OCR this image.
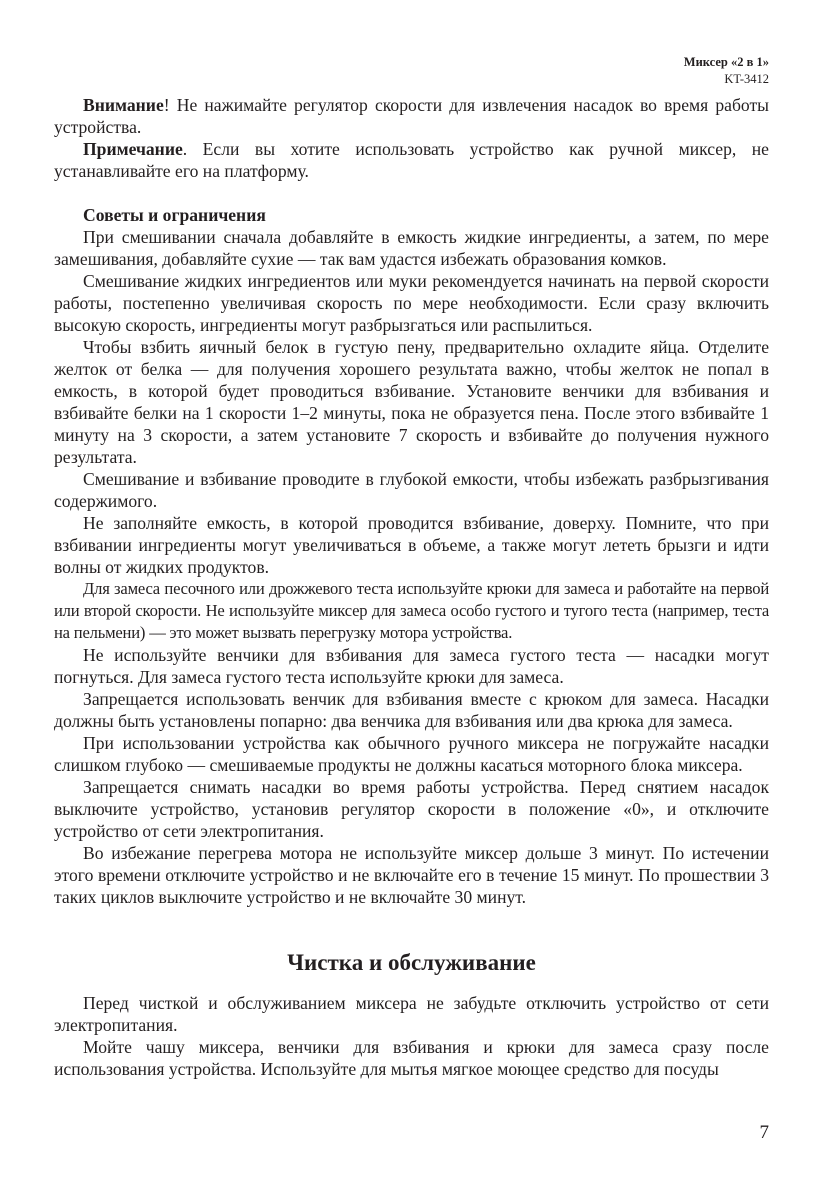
Миксер «2 в 1»
KT-3412

Внимание! Не нажимайте регулятор скорости для извлечения насадок во время работы устройства.

Примечание. Если вы хотите использовать устройство как ручной миксер, не устанавливайте его на платформу.

Советы и ограничения

При смешивании сначала добавляйте в емкость жидкие ингредиенты, а затем, по мере замешивания, добавляйте сухие — так вам удастся избежать образования комков.

Смешивание жидких ингредиентов или муки рекомендуется начинать на первой скорости работы, постепенно увеличивая скорость по мере необходимости. Если сразу включить высокую скорость, ингредиенты могут разбрызгаться или распылиться.

Чтобы взбить яичный белок в густую пену, предварительно охладите яйца. Отделите желток от белка — для получения хорошего результата важно, чтобы желток не попал в емкость, в которой будет проводиться взбивание. Установите венчики для взбивания и взбивайте белки на 1 скорости 1–2 минуты, пока не образуется пена. После этого взбивайте 1 минуту на 3 скорости, а затем установите 7 скорость и взбивайте до получения нужного результата.

Смешивание и взбивание проводите в глубокой емкости, чтобы избежать разбрызгивания содержимого.

Не заполняйте емкость, в которой проводится взбивание, доверху. Помните, что при взбивании ингредиенты могут увеличиваться в объеме, а также могут лететь брызги и идти волны от жидких продуктов.

Для замеса песочного или дрожжевого теста используйте крюки для замеса и работайте на первой или второй скорости. Не используйте миксер для замеса особо густого и тугого теста (например, теста на пельмени) — это может вызвать перегрузку мотора устройства.

Не используйте венчики для взбивания для замеса густого теста — насадки могут погнуться. Для замеса густого теста используйте крюки для замеса.

Запрещается использовать венчик для взбивания вместе с крюком для замеса. Насадки должны быть установлены попарно: два венчика для взбивания или два крюка для замеса.

При использовании устройства как обычного ручного миксера не погружайте насадки слишком глубоко — смешиваемые продукты не должны касаться моторного блока миксера.

Запрещается снимать насадки во время работы устройства. Перед снятием насадок выключите устройство, установив регулятор скорости в положение «0», и отключите устройство от сети электропитания.

Во избежание перегрева мотора не используйте миксер дольше 3 минут. По истечении этого времени отключите устройство и не включайте его в течение 15 минут. По прошествии 3 таких циклов выключите устройство и не включайте 30 минут.

Чистка и обслуживание

Перед чисткой и обслуживанием миксера не забудьте отключить устройство от сети электропитания.

Мойте чашу миксера, венчики для взбивания и крюки для замеса сразу после использования устройства. Используйте для мытья мягкое моющее средство для посуды

7
